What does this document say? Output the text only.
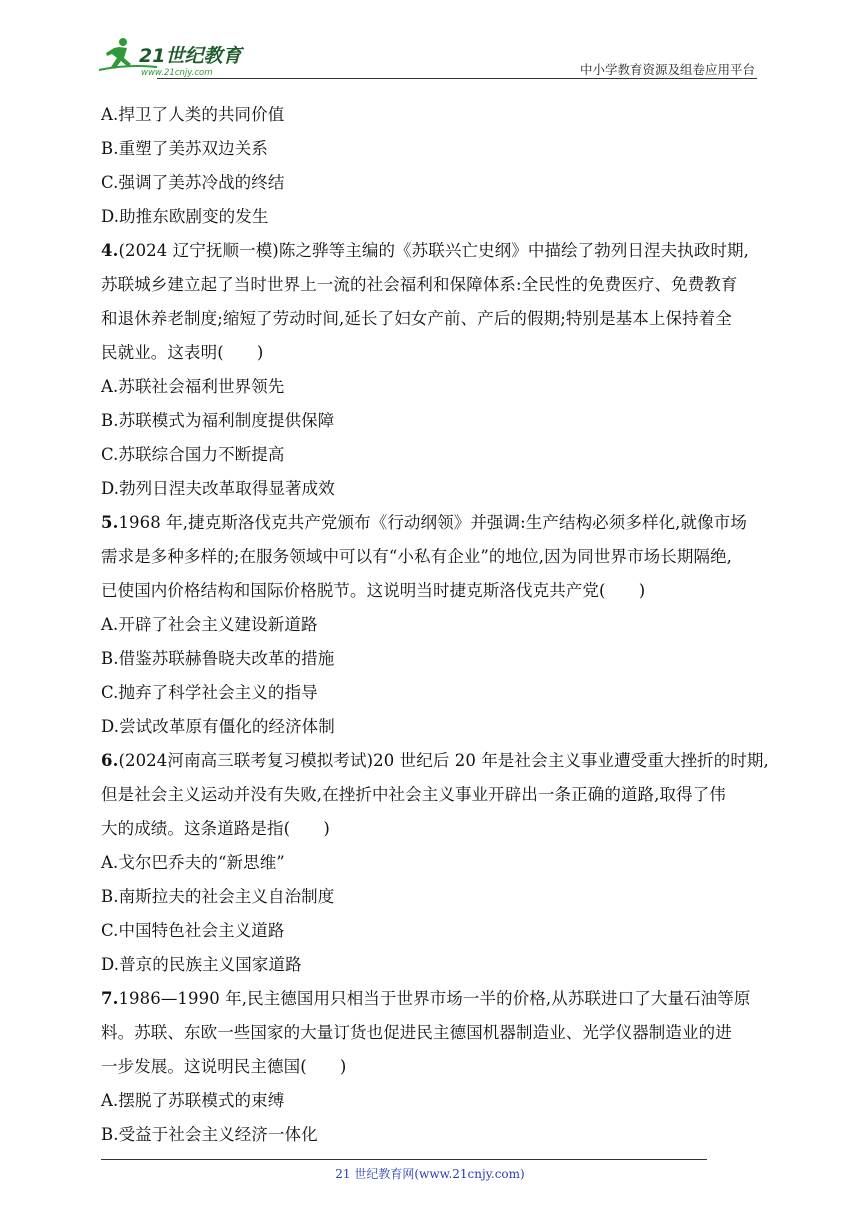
21世纪教育
www.21cnjy.com	中小学教育资源及组卷应用平台
A.捍卫了人类的共同价值
B.重塑了美苏双边关系
C.强调了美苏冷战的终结
D.助推东欧剧变的发生
4.(2024 辽宁抚顺一模)陈之骅等主编的《苏联兴亡史纲》中描绘了勃列日涅夫执政时期,
苏联城乡建立起了当时世界上一流的社会福利和保障体系:全民性的免费医疗、免费教育
和退休养老制度;缩短了劳动时间,延长了妇女产前、产后的假期;特别是基本上保持着全
民就业。这表明(　　)
A.苏联社会福利世界领先
B.苏联模式为福利制度提供保障
C.苏联综合国力不断提高
D.勃列日涅夫改革取得显著成效
5.1968 年,捷克斯洛伐克共产党颁布《行动纲领》并强调:生产结构必须多样化,就像市场
需求是多种多样的;在服务领域中可以有“小私有企业”的地位,因为同世界市场长期隔绝,
已使国内价格结构和国际价格脱节。这说明当时捷克斯洛伐克共产党(　　)
A.开辟了社会主义建设新道路
B.借鉴苏联赫鲁晓夫改革的措施
C.抛弃了科学社会主义的指导
D.尝试改革原有僵化的经济体制
6.(2024河南高三联考复习模拟考试)20 世纪后 20 年是社会主义事业遭受重大挫折的时期,
但是社会主义运动并没有失败,在挫折中社会主义事业开辟出一条正确的道路,取得了伟
大的成绩。这条道路是指(　　)
A.戈尔巴乔夫的“新思维”
B.南斯拉夫的社会主义自治制度
C.中国特色社会主义道路
D.普京的民族主义国家道路
7.1986—1990 年,民主德国用只相当于世界市场一半的价格,从苏联进口了大量石油等原
料。苏联、东欧一些国家的大量订货也促进民主德国机器制造业、光学仪器制造业的进
一步发展。这说明民主德国(　　)
A.摆脱了苏联模式的束缚
B.受益于社会主义经济一体化
21 世纪教育网(www.21cnjy.com)
